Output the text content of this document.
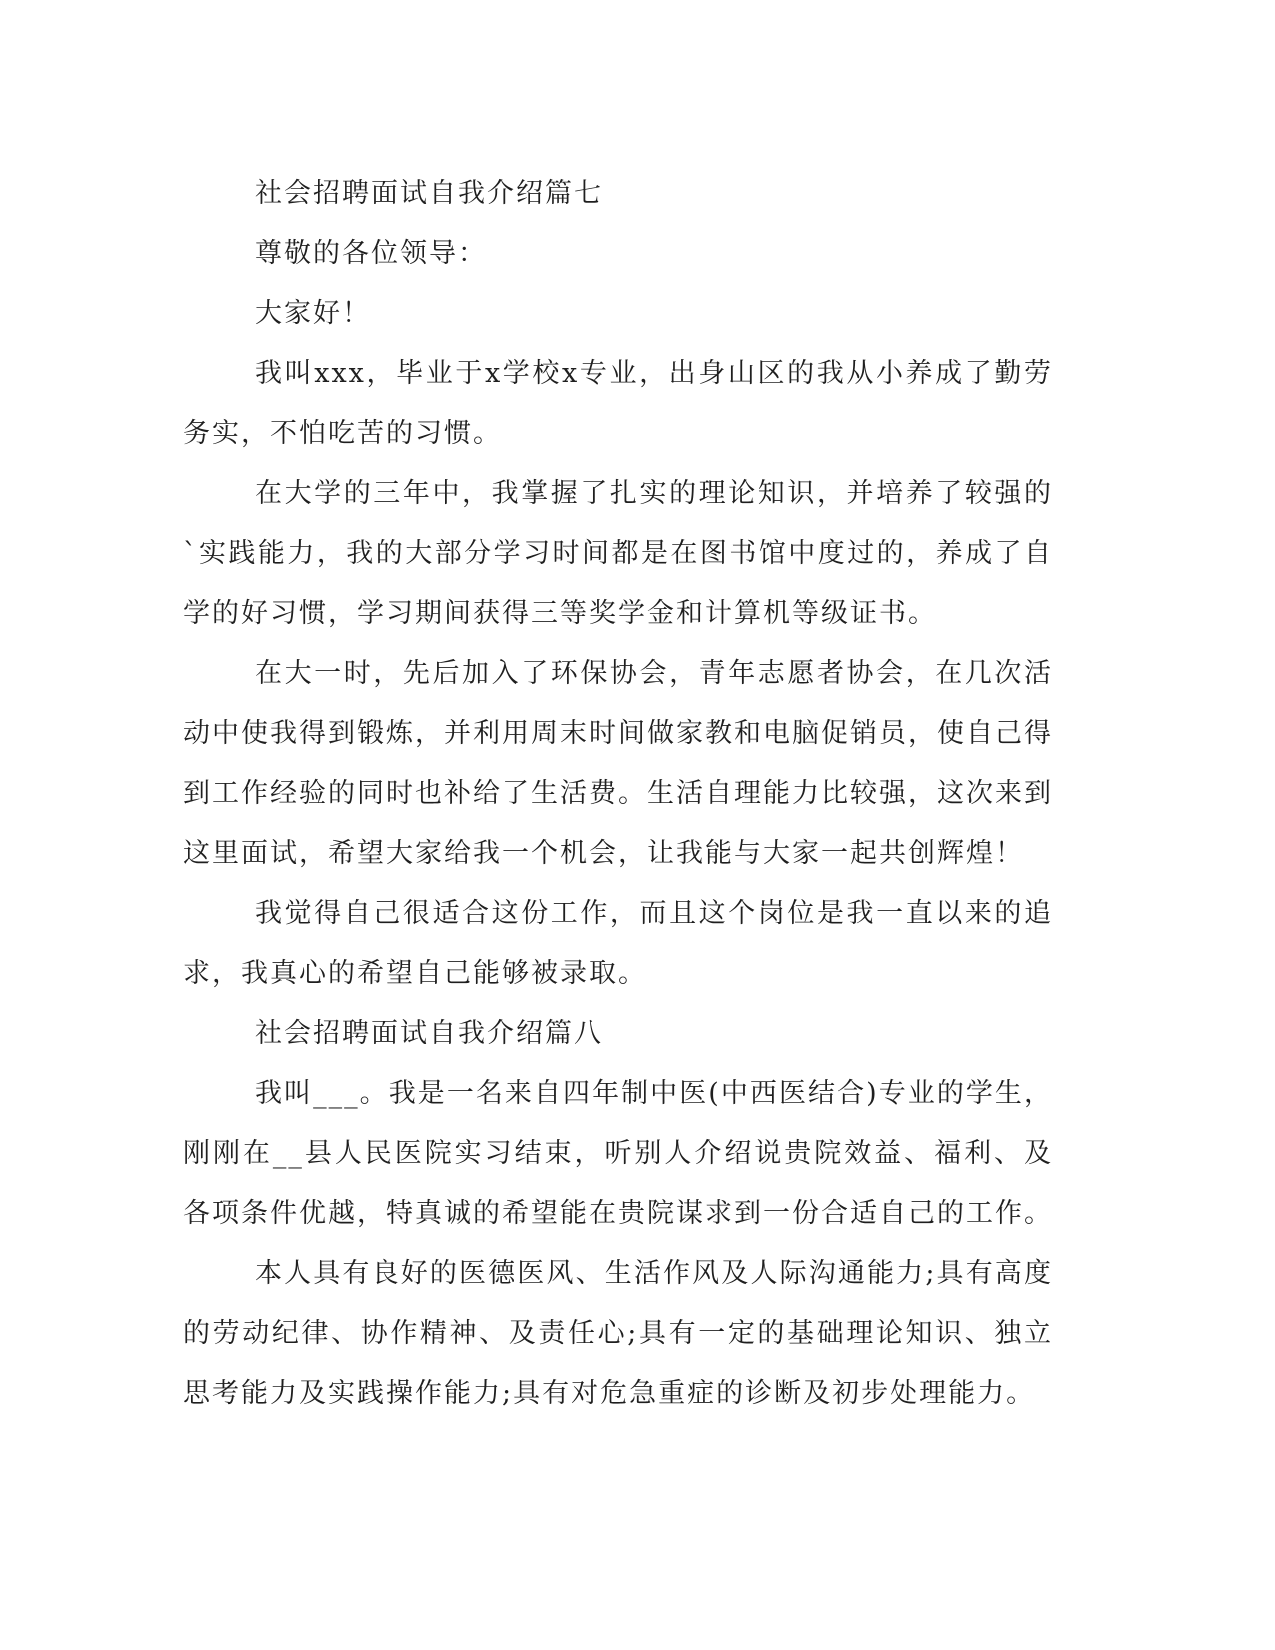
社会招聘面试自我介绍篇七

尊敬的各位领导：

大家好！

我叫xxx，毕业于x学校x专业，出身山区的我从小养成了勤劳务实，不怕吃苦的习惯。

在大学的三年中，我掌握了扎实的理论知识，并培养了较强的`实践能力，我的大部分学习时间都是在图书馆中度过的，养成了自学的好习惯，学习期间获得三等奖学金和计算机等级证书。

在大一时，先后加入了环保协会，青年志愿者协会，在几次活动中使我得到锻炼，并利用周末时间做家教和电脑促销员，使自己得到工作经验的同时也补给了生活费。生活自理能力比较强，这次来到这里面试，希望大家给我一个机会，让我能与大家一起共创辉煌！

我觉得自己很适合这份工作，而且这个岗位是我一直以来的追求，我真心的希望自己能够被录取。

社会招聘面试自我介绍篇八

我叫___。我是一名来自四年制中医(中西医结合)专业的学生，刚刚在__县人民医院实习结束，听别人介绍说贵院效益、福利、及各项条件优越，特真诚的希望能在贵院谋求到一份合适自己的工作。

本人具有良好的医德医风、生活作风及人际沟通能力;具有高度的劳动纪律、协作精神、及责任心;具有一定的基础理论知识、独立思考能力及实践操作能力;具有对危急重症的诊断及初步处理能力。
